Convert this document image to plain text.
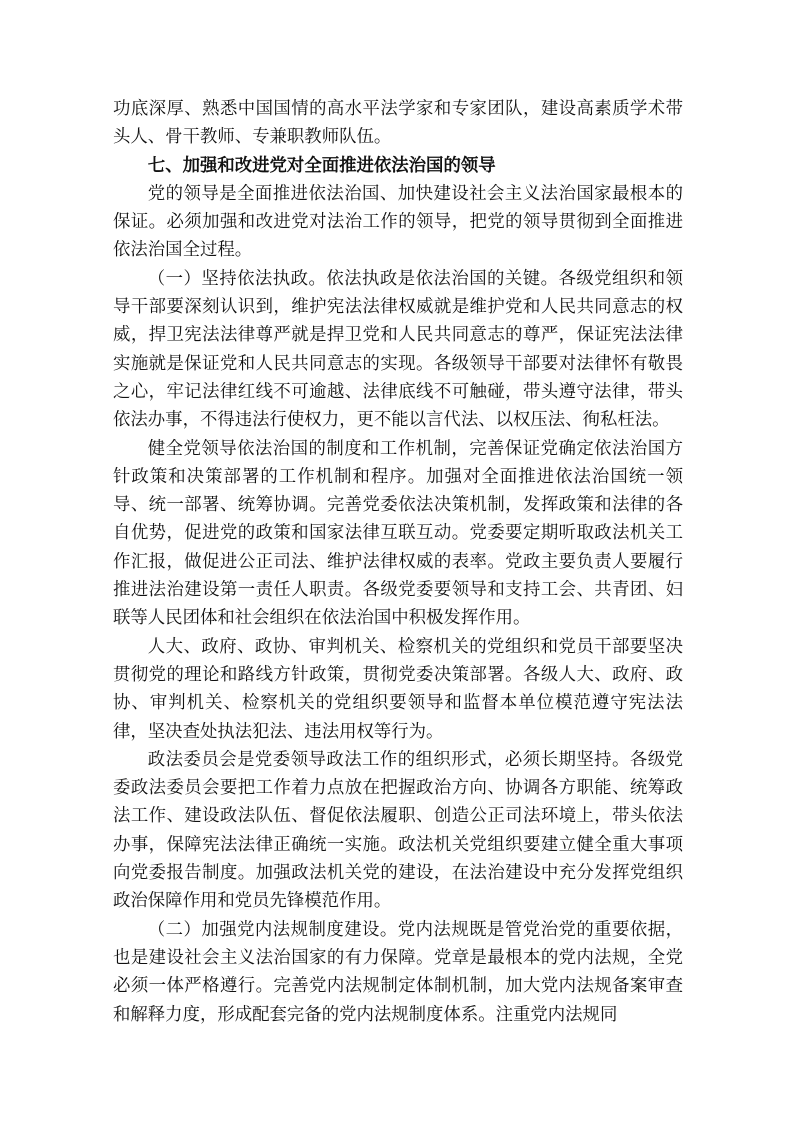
功底深厚、熟悉中国国情的高水平法学家和专家团队，建设高素质学术带头人、骨干教师、专兼职教师队伍。

七、加强和改进党对全面推进依法治国的领导

党的领导是全面推进依法治国、加快建设社会主义法治国家最根本的保证。必须加强和改进党对法治工作的领导，把党的领导贯彻到全面推进依法治国全过程。

（一）坚持依法执政。依法执政是依法治国的关键。各级党组织和领导干部要深刻认识到，维护宪法法律权威就是维护党和人民共同意志的权威，捍卫宪法法律尊严就是捍卫党和人民共同意志的尊严，保证宪法法律实施就是保证党和人民共同意志的实现。各级领导干部要对法律怀有敬畏之心，牢记法律红线不可逾越、法律底线不可触碰，带头遵守法律，带头依法办事，不得违法行使权力，更不能以言代法、以权压法、徇私枉法。

健全党领导依法治国的制度和工作机制，完善保证党确定依法治国方针政策和决策部署的工作机制和程序。加强对全面推进依法治国统一领导、统一部署、统筹协调。完善党委依法决策机制，发挥政策和法律的各自优势，促进党的政策和国家法律互联互动。党委要定期听取政法机关工作汇报，做促进公正司法、维护法律权威的表率。党政主要负责人要履行推进法治建设第一责任人职责。各级党委要领导和支持工会、共青团、妇联等人民团体和社会组织在依法治国中积极发挥作用。

人大、政府、政协、审判机关、检察机关的党组织和党员干部要坚决贯彻党的理论和路线方针政策，贯彻党委决策部署。各级人大、政府、政协、审判机关、检察机关的党组织要领导和监督本单位模范遵守宪法法律，坚决查处执法犯法、违法用权等行为。

政法委员会是党委领导政法工作的组织形式，必须长期坚持。各级党委政法委员会要把工作着力点放在把握政治方向、协调各方职能、统筹政法工作、建设政法队伍、督促依法履职、创造公正司法环境上，带头依法办事，保障宪法法律正确统一实施。政法机关党组织要建立健全重大事项向党委报告制度。加强政法机关党的建设，在法治建设中充分发挥党组织政治保障作用和党员先锋模范作用。

（二）加强党内法规制度建设。党内法规既是管党治党的重要依据，也是建设社会主义法治国家的有力保障。党章是最根本的党内法规，全党必须一体严格遵行。完善党内法规制定体制机制，加大党内法规备案审查和解释力度，形成配套完备的党内法规制度体系。注重党内法规同
